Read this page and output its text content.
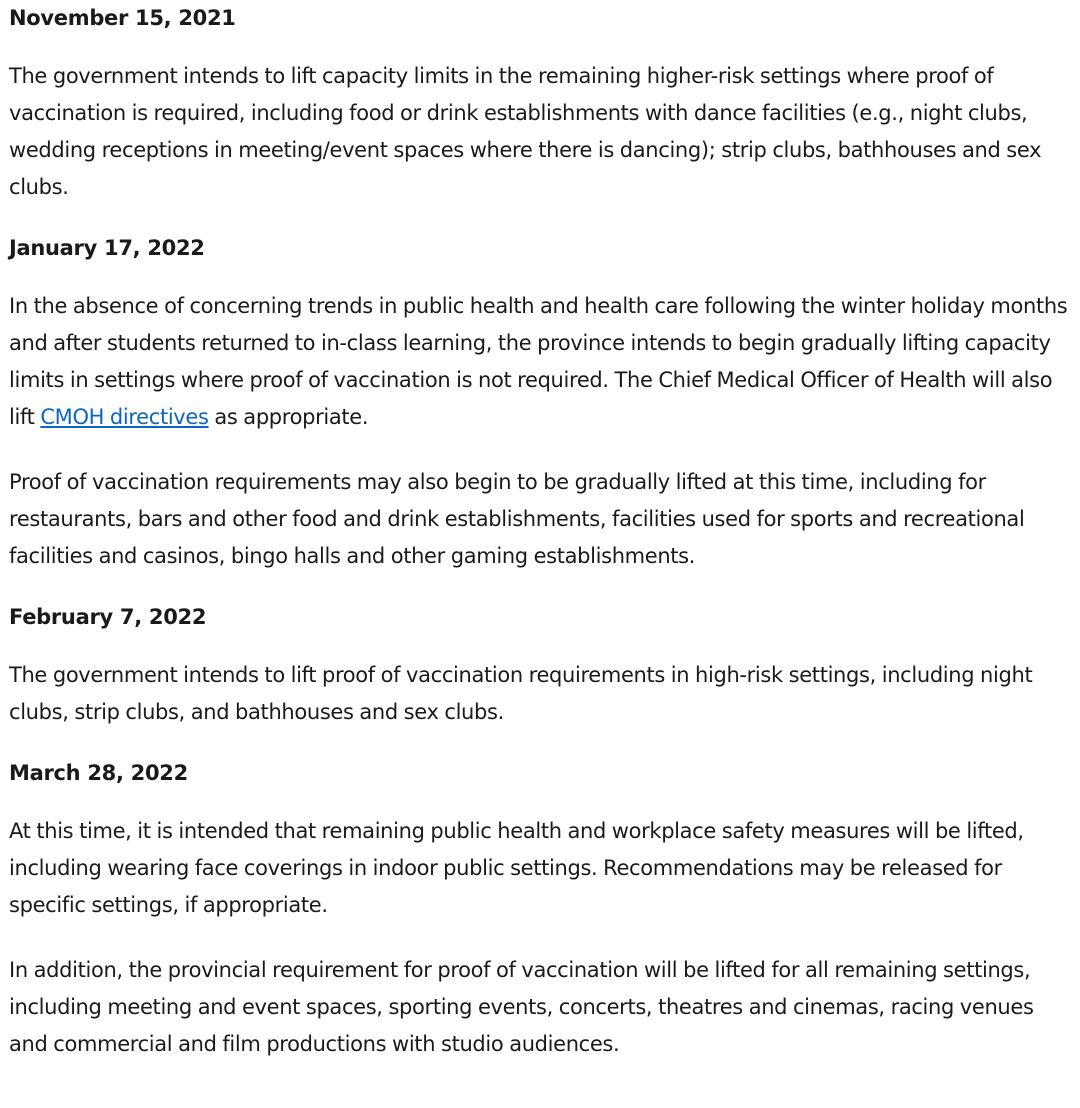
November 15, 2021

The government intends to lift capacity limits in the remaining higher-risk settings where proof of vaccination is required, including food or drink establishments with dance facilities (e.g., night clubs, wedding receptions in meeting/event spaces where there is dancing); strip clubs, bathhouses and sex clubs.

January 17, 2022

In the absence of concerning trends in public health and health care following the winter holiday months and after students returned to in-class learning, the province intends to begin gradually lifting capacity limits in settings where proof of vaccination is not required. The Chief Medical Officer of Health will also lift CMOH directives as appropriate.

Proof of vaccination requirements may also begin to be gradually lifted at this time, including for restaurants, bars and other food and drink establishments, facilities used for sports and recreational facilities and casinos, bingo halls and other gaming establishments.

February 7, 2022

The government intends to lift proof of vaccination requirements in high-risk settings, including night clubs, strip clubs, and bathhouses and sex clubs.

March 28, 2022

At this time, it is intended that remaining public health and workplace safety measures will be lifted, including wearing face coverings in indoor public settings. Recommendations may be released for specific settings, if appropriate.

In addition, the provincial requirement for proof of vaccination will be lifted for all remaining settings, including meeting and event spaces, sporting events, concerts, theatres and cinemas, racing venues and commercial and film productions with studio audiences.
